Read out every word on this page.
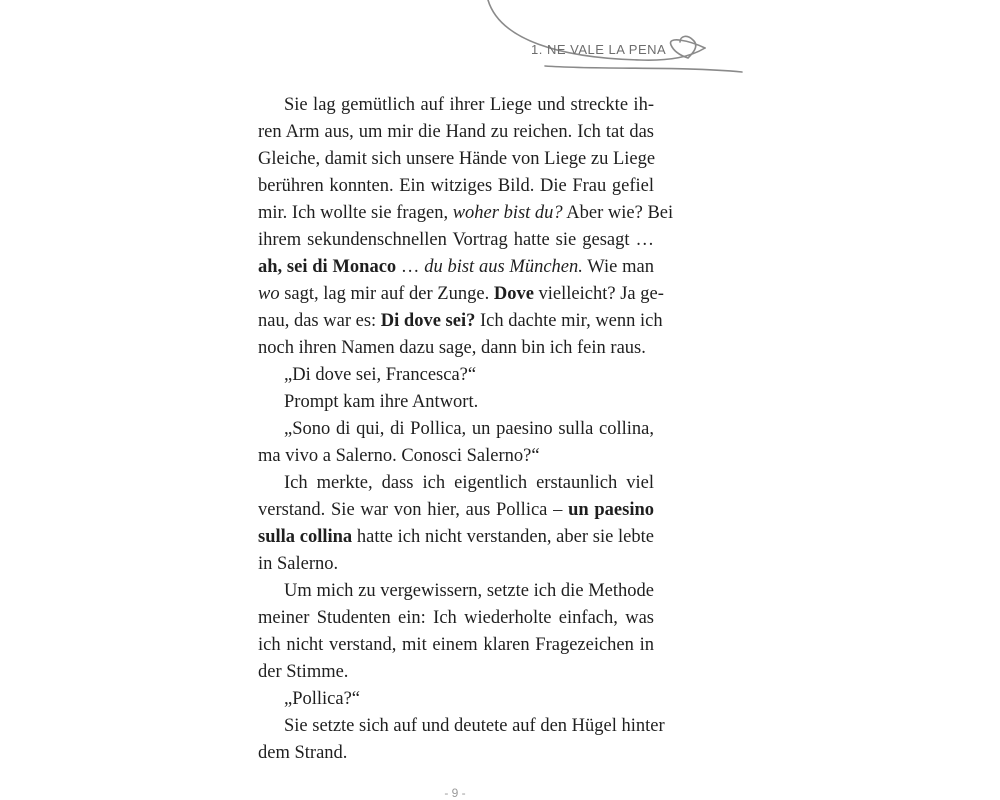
1. NE VALE LA PENA
Sie lag gemütlich auf ihrer Liege und streckte ih-
ren Arm aus, um mir die Hand zu reichen. Ich tat das
Gleiche, damit sich unsere Hände von Liege zu Liege
berühren konnten. Ein witziges Bild. Die Frau gefiel
mir. Ich wollte sie fragen, woher bist du? Aber wie? Bei
ihrem sekundenschnellen Vortrag hatte sie gesagt …
ah, sei di Monaco … du bist aus München. Wie man
wo sagt, lag mir auf der Zunge. Dove vielleicht? Ja ge-
nau, das war es: Di dove sei? Ich dachte mir, wenn ich
noch ihren Namen dazu sage, dann bin ich fein raus.
„Di dove sei, Francesca?“
Prompt kam ihre Antwort.
„Sono di qui, di Pollica, un paesino sulla collina,
ma vivo a Salerno. Conosci Salerno?“
Ich merkte, dass ich eigentlich erstaunlich viel
verstand. Sie war von hier, aus Pollica – un paesino
sulla collina hatte ich nicht verstanden, aber sie lebte
in Salerno.
Um mich zu vergewissern, setzte ich die Methode
meiner Studenten ein: Ich wiederholte einfach, was
ich nicht verstand, mit einem klaren Fragezeichen in
der Stimme.
„Pollica?“
Sie setzte sich auf und deutete auf den Hügel hinter
dem Strand.
- 9 -
